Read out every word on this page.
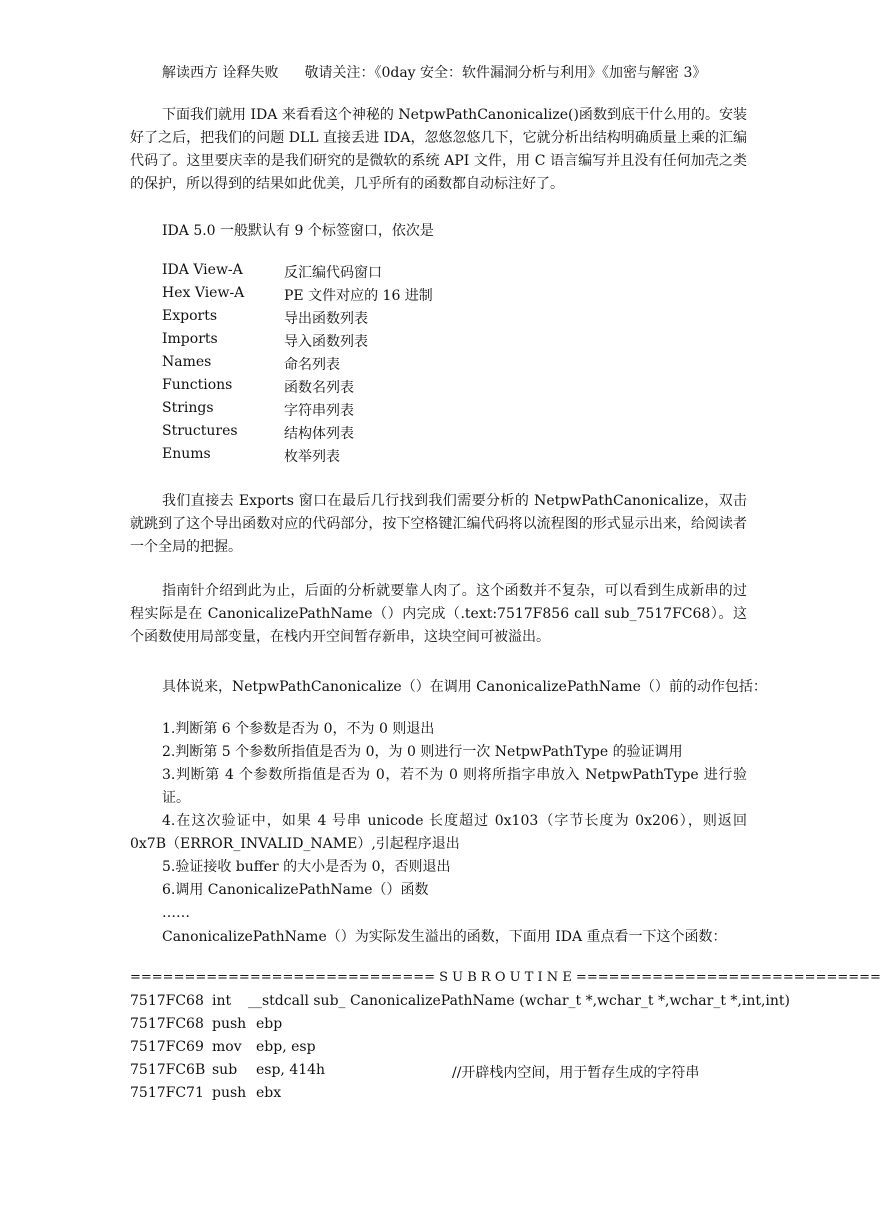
解读西方 诠释失败 敬请关注：《0day 安全：软件漏洞分析与利用》《加密与解密 3》
下面我们就用 IDA 来看看这个神秘的 NetpwPathCanonicalize()函数到底干什么用的。安装好了之后，把我们的问题 DLL 直接丢进 IDA，忽悠忽悠几下，它就分析出结构明确质量上乘的汇编代码了。这里要庆幸的是我们研究的是微软的系统 API 文件，用 C 语言编写并且没有任何加壳之类的保护，所以得到的结果如此优美，几乎所有的函数都自动标注好了。
IDA 5.0 一般默认有 9 个标签窗口，依次是
IDA View-A	反汇编代码窗口
Hex View-A	PE 文件对应的 16 进制
Exports	导出函数列表
Imports	导入函数列表
Names	命名列表
Functions	函数名列表
Strings	字符串列表
Structures	结构体列表
Enums	枚举列表
我们直接去 Exports 窗口在最后几行找到我们需要分析的 NetpwPathCanonicalize，双击就跳到了这个导出函数对应的代码部分，按下空格键汇编代码将以流程图的形式显示出来，给阅读者一个全局的把握。
指南针介绍到此为止，后面的分析就要靠人肉了。这个函数并不复杂，可以看到生成新串的过程实际是在 CanonicalizePathName（）内完成（.text:7517F856 call sub_7517FC68）。这个函数使用局部变量，在栈内开空间暂存新串，这块空间可被溢出。
具体说来，NetpwPathCanonicalize（）在调用 CanonicalizePathName（）前的动作包括：
1.判断第 6 个参数是否为 0，不为 0 则退出
2.判断第 5 个参数所指值是否为 0，为 0 则进行一次 NetpwPathType 的验证调用
3.判断第 4 个参数所指值是否为 0，若不为 0 则将所指字串放入 NetpwPathType 进行验证。
4.在这次验证中，如果 4 号串 unicode 长度超过 0x103（字节长度为 0x206），则返回 0x7B（ERROR_INVALID_NAME）,引起程序退出
5.验证接收 buffer 的大小是否为 0，否则退出
6.调用 CanonicalizePathName（）函数
……
CanonicalizePathName（）为实际发生溢出的函数，下面用 IDA 重点看一下这个函数：
============================ S U B R O U T I N E ============================
7517FC68 int	__stdcall sub_ CanonicalizePathName (wchar_t *,wchar_t *,wchar_t *,int,int)
7517FC68 push ebp
7517FC69 mov	ebp, esp
7517FC6B sub	esp, 414h	//开辟栈内空间，用于暂存生成的字符串
7517FC71 push ebx
